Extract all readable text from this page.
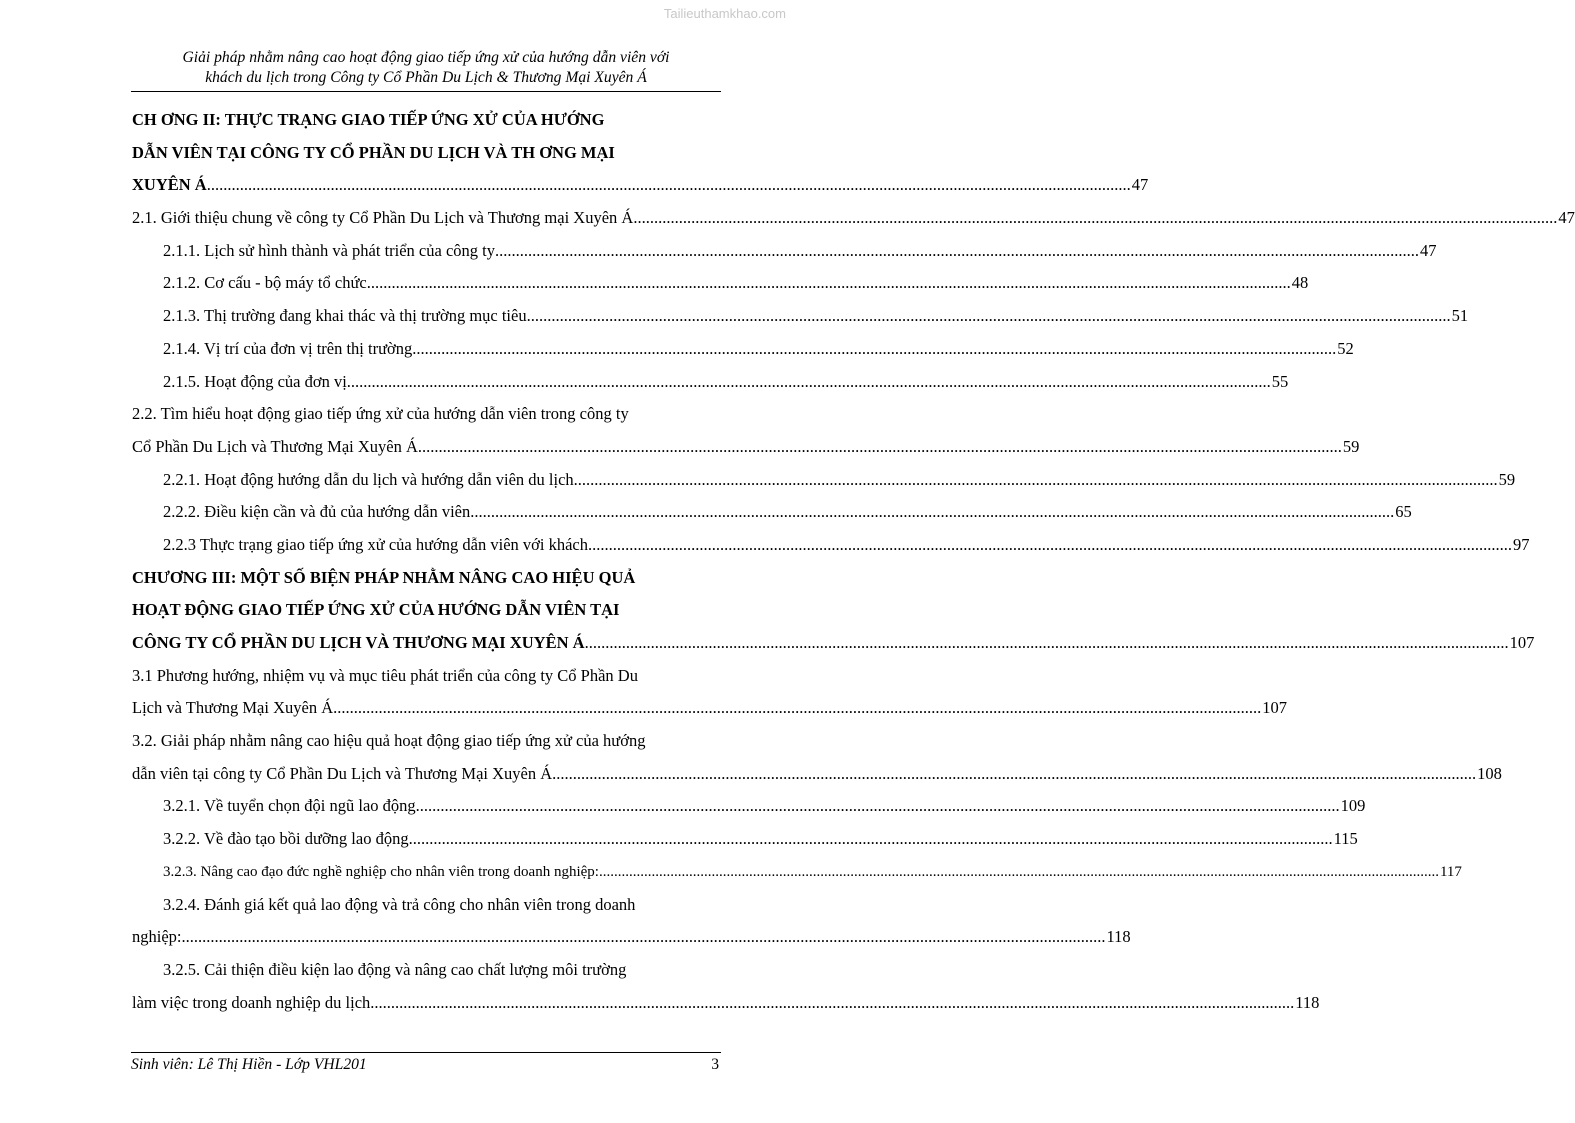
Tailieuthamkhao.com
Giải pháp nhằm nâng cao hoạt động giao tiếp ứng xử của hướng dẫn viên với
khách du lịch trong Công ty Cổ Phần Du Lịch & Thương Mại Xuyên Á
CH ƠNG II: THỰC TRẠNG GIAO TIẾP ỨNG XỬ CỦA HƯỚNG
DẪN VIÊN TẠI CÔNG TY CỔ PHẦN DU LỊCH VÀ TH ƠNG MẠI
XUYÊN Á .....	47
2.1. Giới thiệu chung về công ty Cổ Phần Du Lịch và Thương mại Xuyên Á .....	47
2.1.1. Lịch sử hình thành và phát triển của công ty .....	47
2.1.2. Cơ cấu - bộ máy tổ chức .....	48
2.1.3. Thị trường đang khai thác và thị trường mục tiêu .....	51
2.1.4. Vị trí của đơn vị trên thị trường .....	52
2.1.5. Hoạt động của đơn vị .....	55
2.2. Tìm hiểu hoạt động giao tiếp ứng xử của hướng dẫn viên trong công ty
Cổ Phần Du Lịch và Thương Mại Xuyên Á .....	59
2.2.1. Hoạt động hướng dẫn du lịch và hướng dẫn viên du lịch .....	59
2.2.2. Điều kiện cần và đủ của hướng dẫn viên .....	65
2.2.3 Thực trạng giao tiếp ứng xử của hướng dẫn viên với khách .....	97
CHƯƠNG III: MỘT SỐ BIỆN PHÁP NHẰM NÂNG CAO HIỆU QUẢ
HOẠT ĐỘNG GIAO TIẾP ỨNG XỬ CỦA HƯỚNG DẪN VIÊN TẠI
CÔNG TY CỔ PHẦN DU LỊCH VÀ THƯƠNG MẠI XUYÊN Á .....	107
3.1 Phương hướng, nhiệm vụ và mục tiêu phát triển của công ty Cổ Phần Du
Lịch và Thương Mại Xuyên Á. .....	107
3.2. Giải pháp nhằm nâng cao hiệu quả hoạt động giao tiếp ứng xử của hướng
dẫn viên tại công ty Cổ Phần Du Lịch và Thương Mại Xuyên Á .....	108
3.2.1. Về tuyển chọn đội ngũ lao động .....	109
3.2.2. Về đào tạo bồi dưỡng lao động .....	115
3.2.3. Nâng cao đạo đức nghề nghiệp cho nhân viên trong doanh nghiệp: .....	117
3.2.4. Đánh giá kết quả lao động và trả công cho nhân viên trong doanh
nghiệp: .....	118
3.2.5. Cải thiện điều kiện lao động và nâng cao chất lượng môi trường
làm việc trong doanh nghiệp du lịch .....	118
Sinh viên: Lê Thị Hiền - Lớp VHL201	3
